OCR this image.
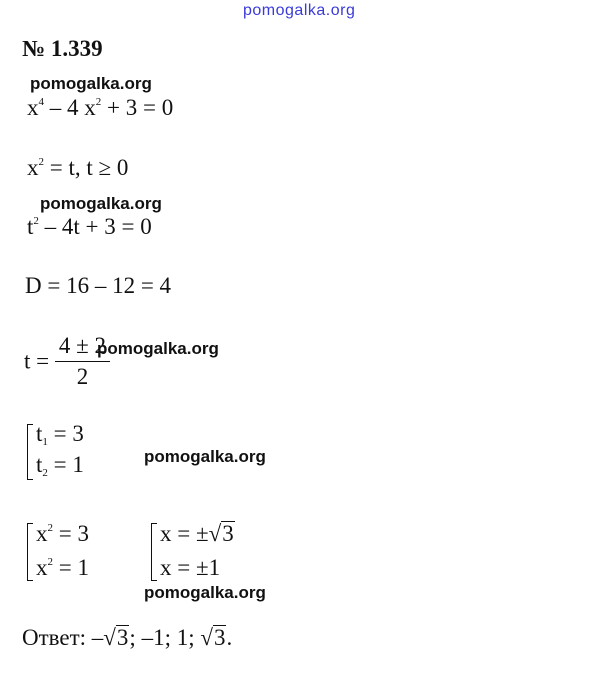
pomogalka.org
№ 1.339
pomogalka.org
$x^4 - 4$ $x^2 + 3 = 0$
$x^2 = t$, t ≥ 0
pomogalka.org
$t^2 - 4t + 3 = 0$
D = 16 – 12 = 4
$t = \frac{4 \pm 2}{2}$
pomogalka.org
$t_1 = 3$
$t_2 = 1$	pomogalka.org
$x^2 = 3$
$x^2 = 1$
x = ±√3
x = ±1
pomogalka.org
Ответ: –√3; –1; 1; √3.
